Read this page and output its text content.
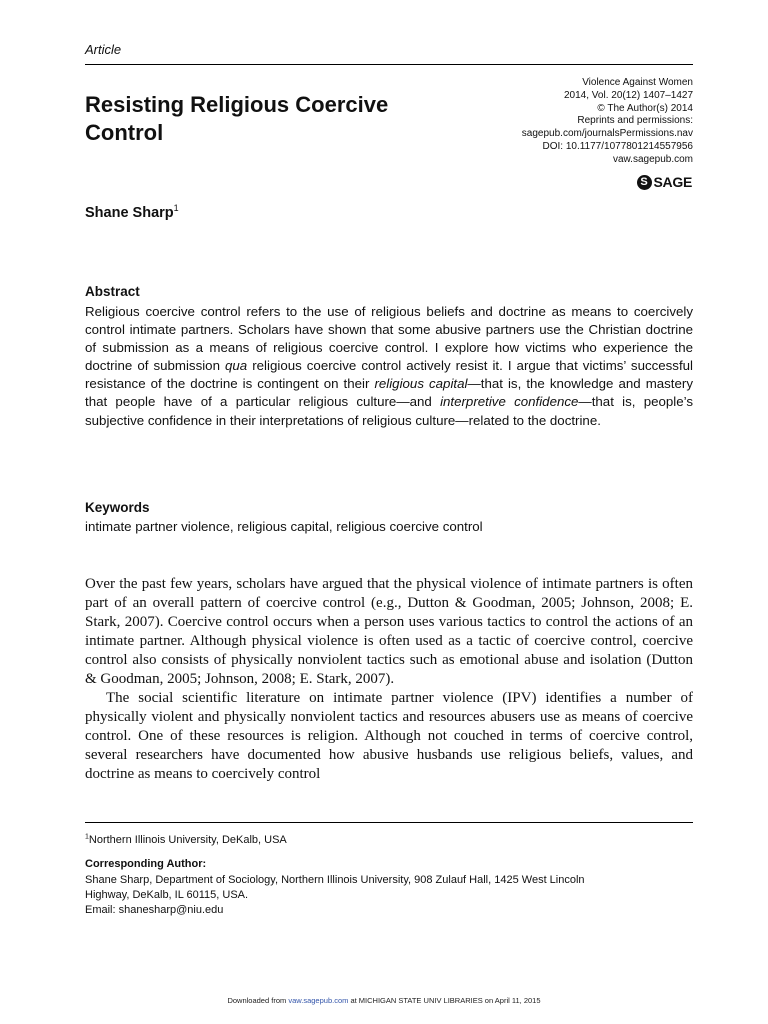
Article
Resisting Religious Coercive
Control
Violence Against Women
2014, Vol. 20(12) 1407–1427
© The Author(s) 2014
Reprints and permissions:
sagepub.com/journalsPermissions.nav
DOI: 10.1177/1077801214557956
vaw.sagepub.com
S SAGE
Shane Sharp$^1$
Abstract
Religious coercive control refers to the use of religious beliefs and doctrine as means to coercively control intimate partners. Scholars have shown that some abusive partners use the Christian doctrine of submission as a means of religious coercive control. I explore how victims who experience the doctrine of submission qua religious coercive control actively resist it. I argue that victims’ successful resistance of the doctrine is contingent on their religious capital—that is, the knowledge and mastery that people have of a particular religious culture—and interpretive confidence—that is, people’s subjective confidence in their interpretations of religious culture—related to the doctrine.
Keywords
intimate partner violence, religious capital, religious coercive control

Over the past few years, scholars have argued that the physical violence of intimate partners is often part of an overall pattern of coercive control (e.g., Dutton & Goodman, 2005; Johnson, 2008; E. Stark, 2007). Coercive control occurs when a person uses various tactics to control the actions of an intimate partner. Although physical violence is often used as a tactic of coercive control, coercive control also consists of physically nonviolent tactics such as emotional abuse and isolation (Dutton & Goodman, 2005; Johnson, 2008; E. Stark, 2007).

The social scientific literature on intimate partner violence (IPV) identifies a number of physically violent and physically nonviolent tactics and resources abusers use as means of coercive control. One of these resources is religion. Although not couched in terms of coercive control, several researchers have documented how abusive husbands use religious beliefs, values, and doctrine as means to coercively control

$^1$Northern Illinois University, DeKalb, USA
Corresponding Author:
Shane Sharp, Department of Sociology, Northern Illinois University, 908 Zulauf Hall, 1425 West Lincoln
Highway, DeKalb, IL 60115, USA.
Email: shanesharp@niu.edu
Downloaded from vaw.sagepub.com at MICHIGAN STATE UNIV LIBRARIES on April 11, 2015
